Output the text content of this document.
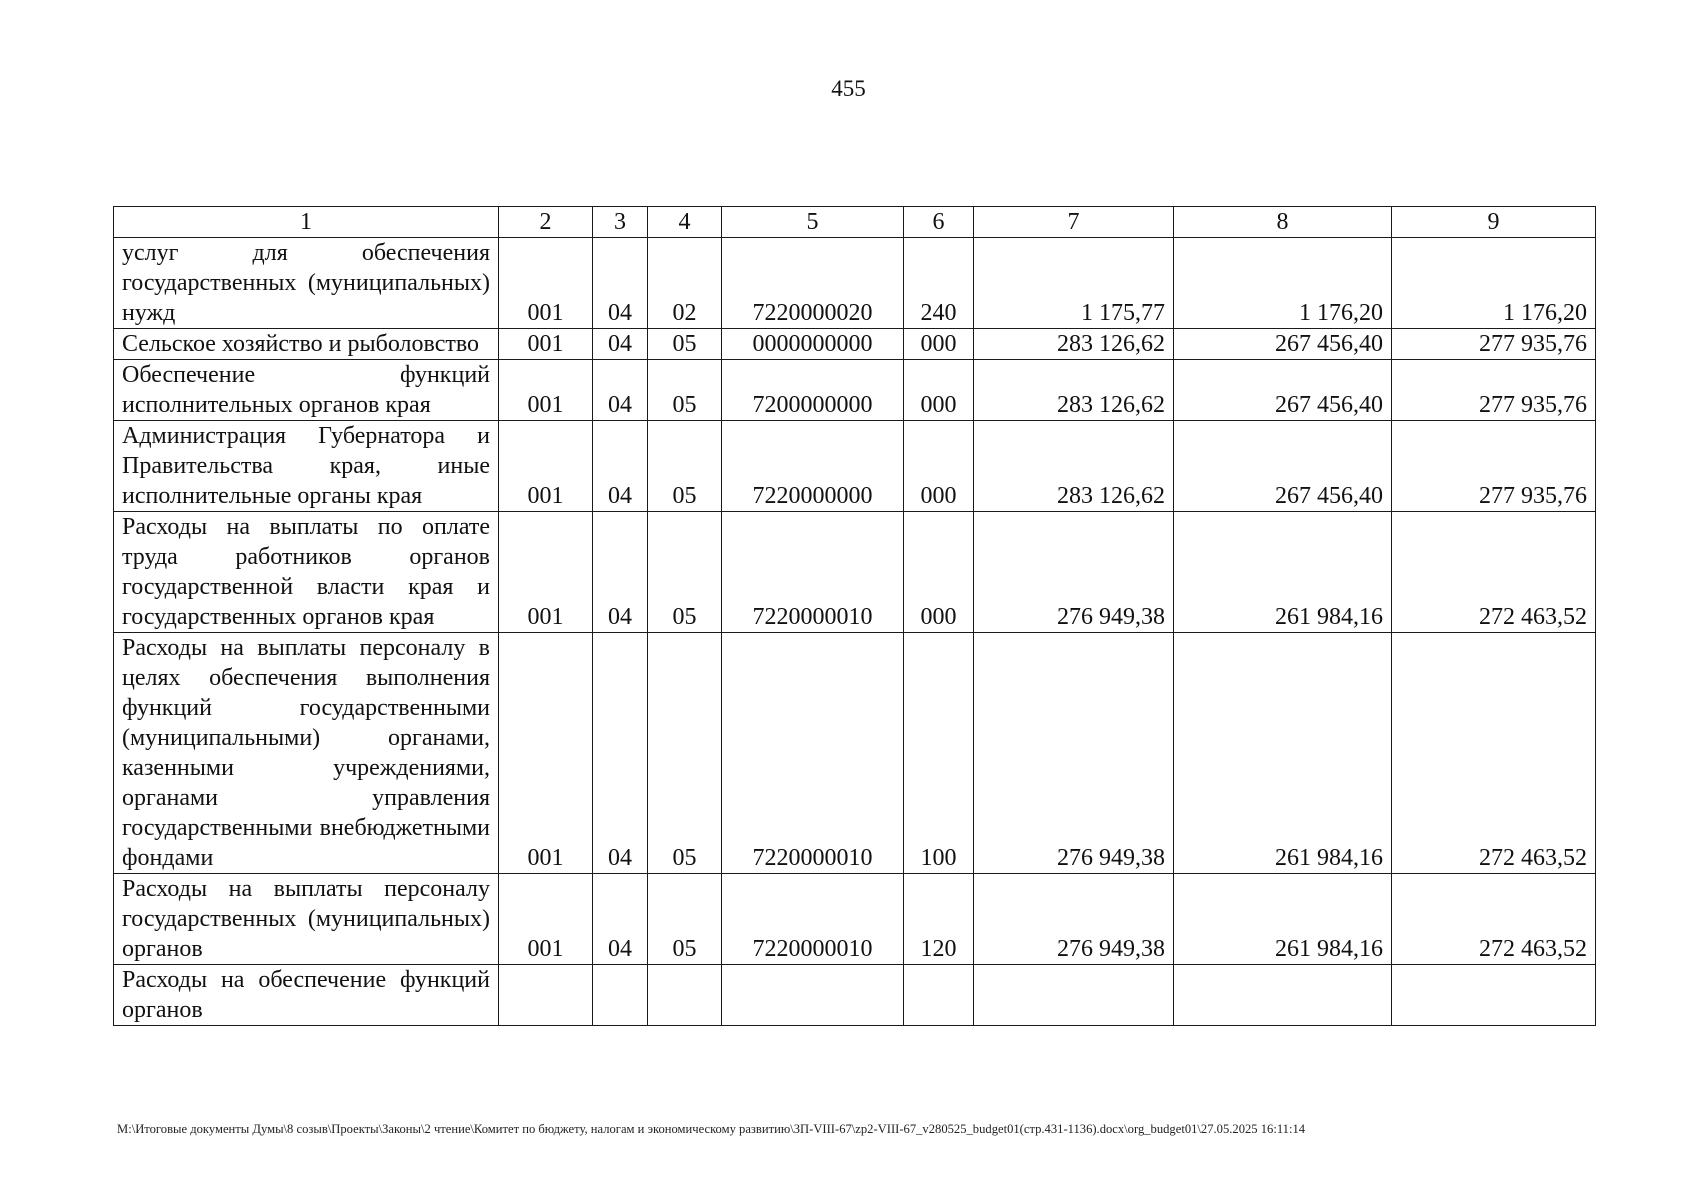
455
1	2	3	4	5	6	7	8	9
услуг для обеспечения государственных (муниципальных) нужд	001	04	02	7220000020	240	1 175,77	1 176,20	1 176,20
Сельское хозяйство и рыболовство	001	04	05	0000000000	000	283 126,62	267 456,40	277 935,76
Обеспечение функций исполнительных органов края	001	04	05	7200000000	000	283 126,62	267 456,40	277 935,76
Администрация Губернатора и Правительства края, иные исполнительные органы края	001	04	05	7220000000	000	283 126,62	267 456,40	277 935,76
Расходы на выплаты по оплате труда работников органов государственной власти края и государственных органов края	001	04	05	7220000010	000	276 949,38	261 984,16	272 463,52
Расходы на выплаты персоналу в целях обеспечения выполнения функций государственными (муниципальными) органами, казенными учреждениями, органами управления государственными внебюджетными фондами	001	04	05	7220000010	100	276 949,38	261 984,16	272 463,52
Расходы на выплаты персоналу государственных (муниципальных) органов	001	04	05	7220000010	120	276 949,38	261 984,16	272 463,52
Расходы на обеспечение функций органов								
M:\Итоговые документы Думы\8 созыв\Проекты\Законы\2 чтение\Комитет по бюджету, налогам и экономическому развитию\ЗП-VIII-67\zp2-VIII-67_v280525_budget01(стр.431-1136).docx\org_budget01\27.05.2025 16:11:14
